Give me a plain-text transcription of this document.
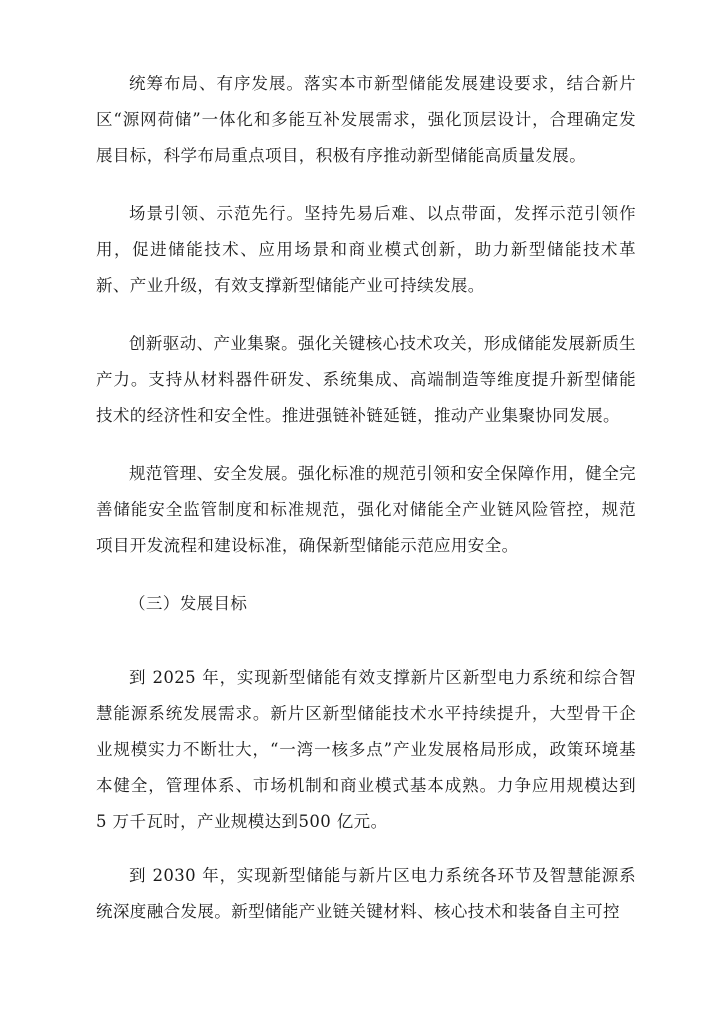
统筹布局、有序发展。落实本市新型储能发展建设要求，结合新片区“源网荷储”一体化和多能互补发展需求，强化顶层设计，合理确定发展目标，科学布局重点项目，积极有序推动新型储能高质量发展。

场景引领、示范先行。坚持先易后难、以点带面，发挥示范引领作用，促进储能技术、应用场景和商业模式创新，助力新型储能技术革新、产业升级，有效支撑新型储能产业可持续发展。

创新驱动、产业集聚。强化关键核心技术攻关，形成储能发展新质生产力。支持从材料器件研发、系统集成、高端制造等维度提升新型储能技术的经济性和安全性。推进强链补链延链，推动产业集聚协同发展。

规范管理、安全发展。强化标准的规范引领和安全保障作用，健全完善储能安全监管制度和标准规范，强化对储能全产业链风险管控，规范项目开发流程和建设标准，确保新型储能示范应用安全。

（三）发展目标

到 2025 年，实现新型储能有效支撑新片区新型电力系统和综合智慧能源系统发展需求。新片区新型储能技术水平持续提升，大型骨干企业规模实力不断壮大，“一湾一核多点”产业发展格局形成，政策环境基本健全，管理体系、市场机制和商业模式基本成熟。力争应用规模达到 5 万千瓦时，产业规模达到500 亿元。

到 2030 年，实现新型储能与新片区电力系统各环节及智慧能源系统深度融合发展。新型储能产业链关键材料、核心技术和装备自主可控
